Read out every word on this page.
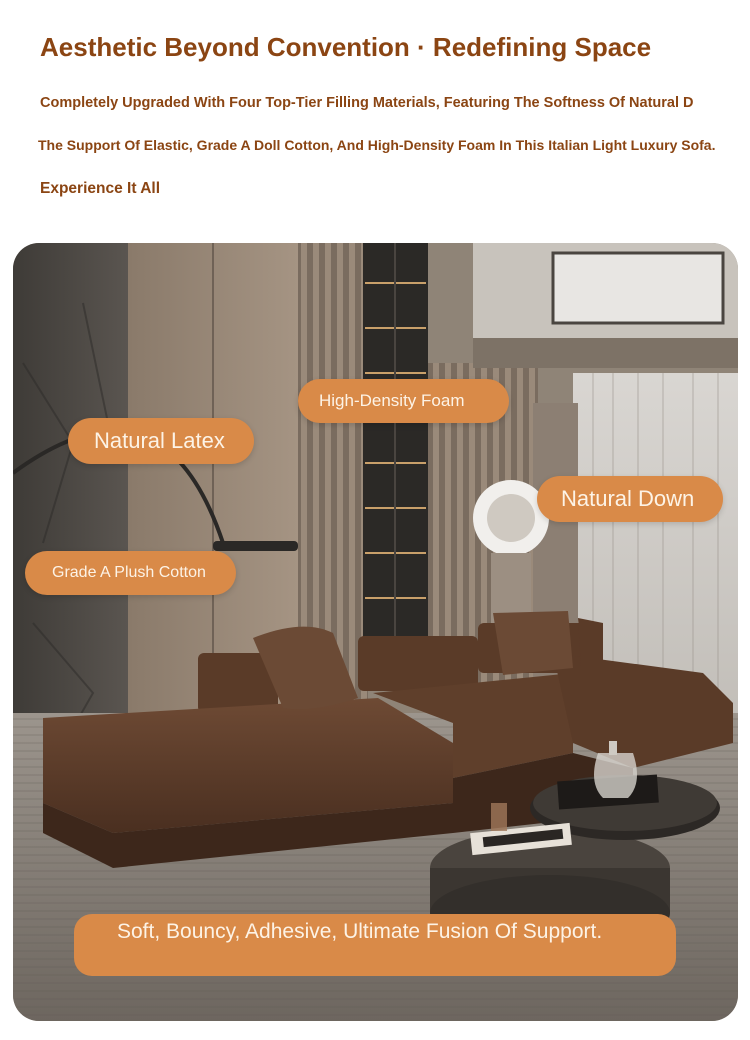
Aesthetic Beyond Convention · Redefining Space

Completely Upgraded With Four Top-Tier Filling Materials, Featuring The Softness Of Natural D

The Support Of Elastic, Grade A Doll Cotton, And High-Density Foam In This Italian Light Luxury Sofa.

Experience It All

High-Density Foam
Natural Latex
Natural Down
Grade A Plush Cotton
Soft, Bouncy, Adhesive, Ultimate Fusion Of Support.
